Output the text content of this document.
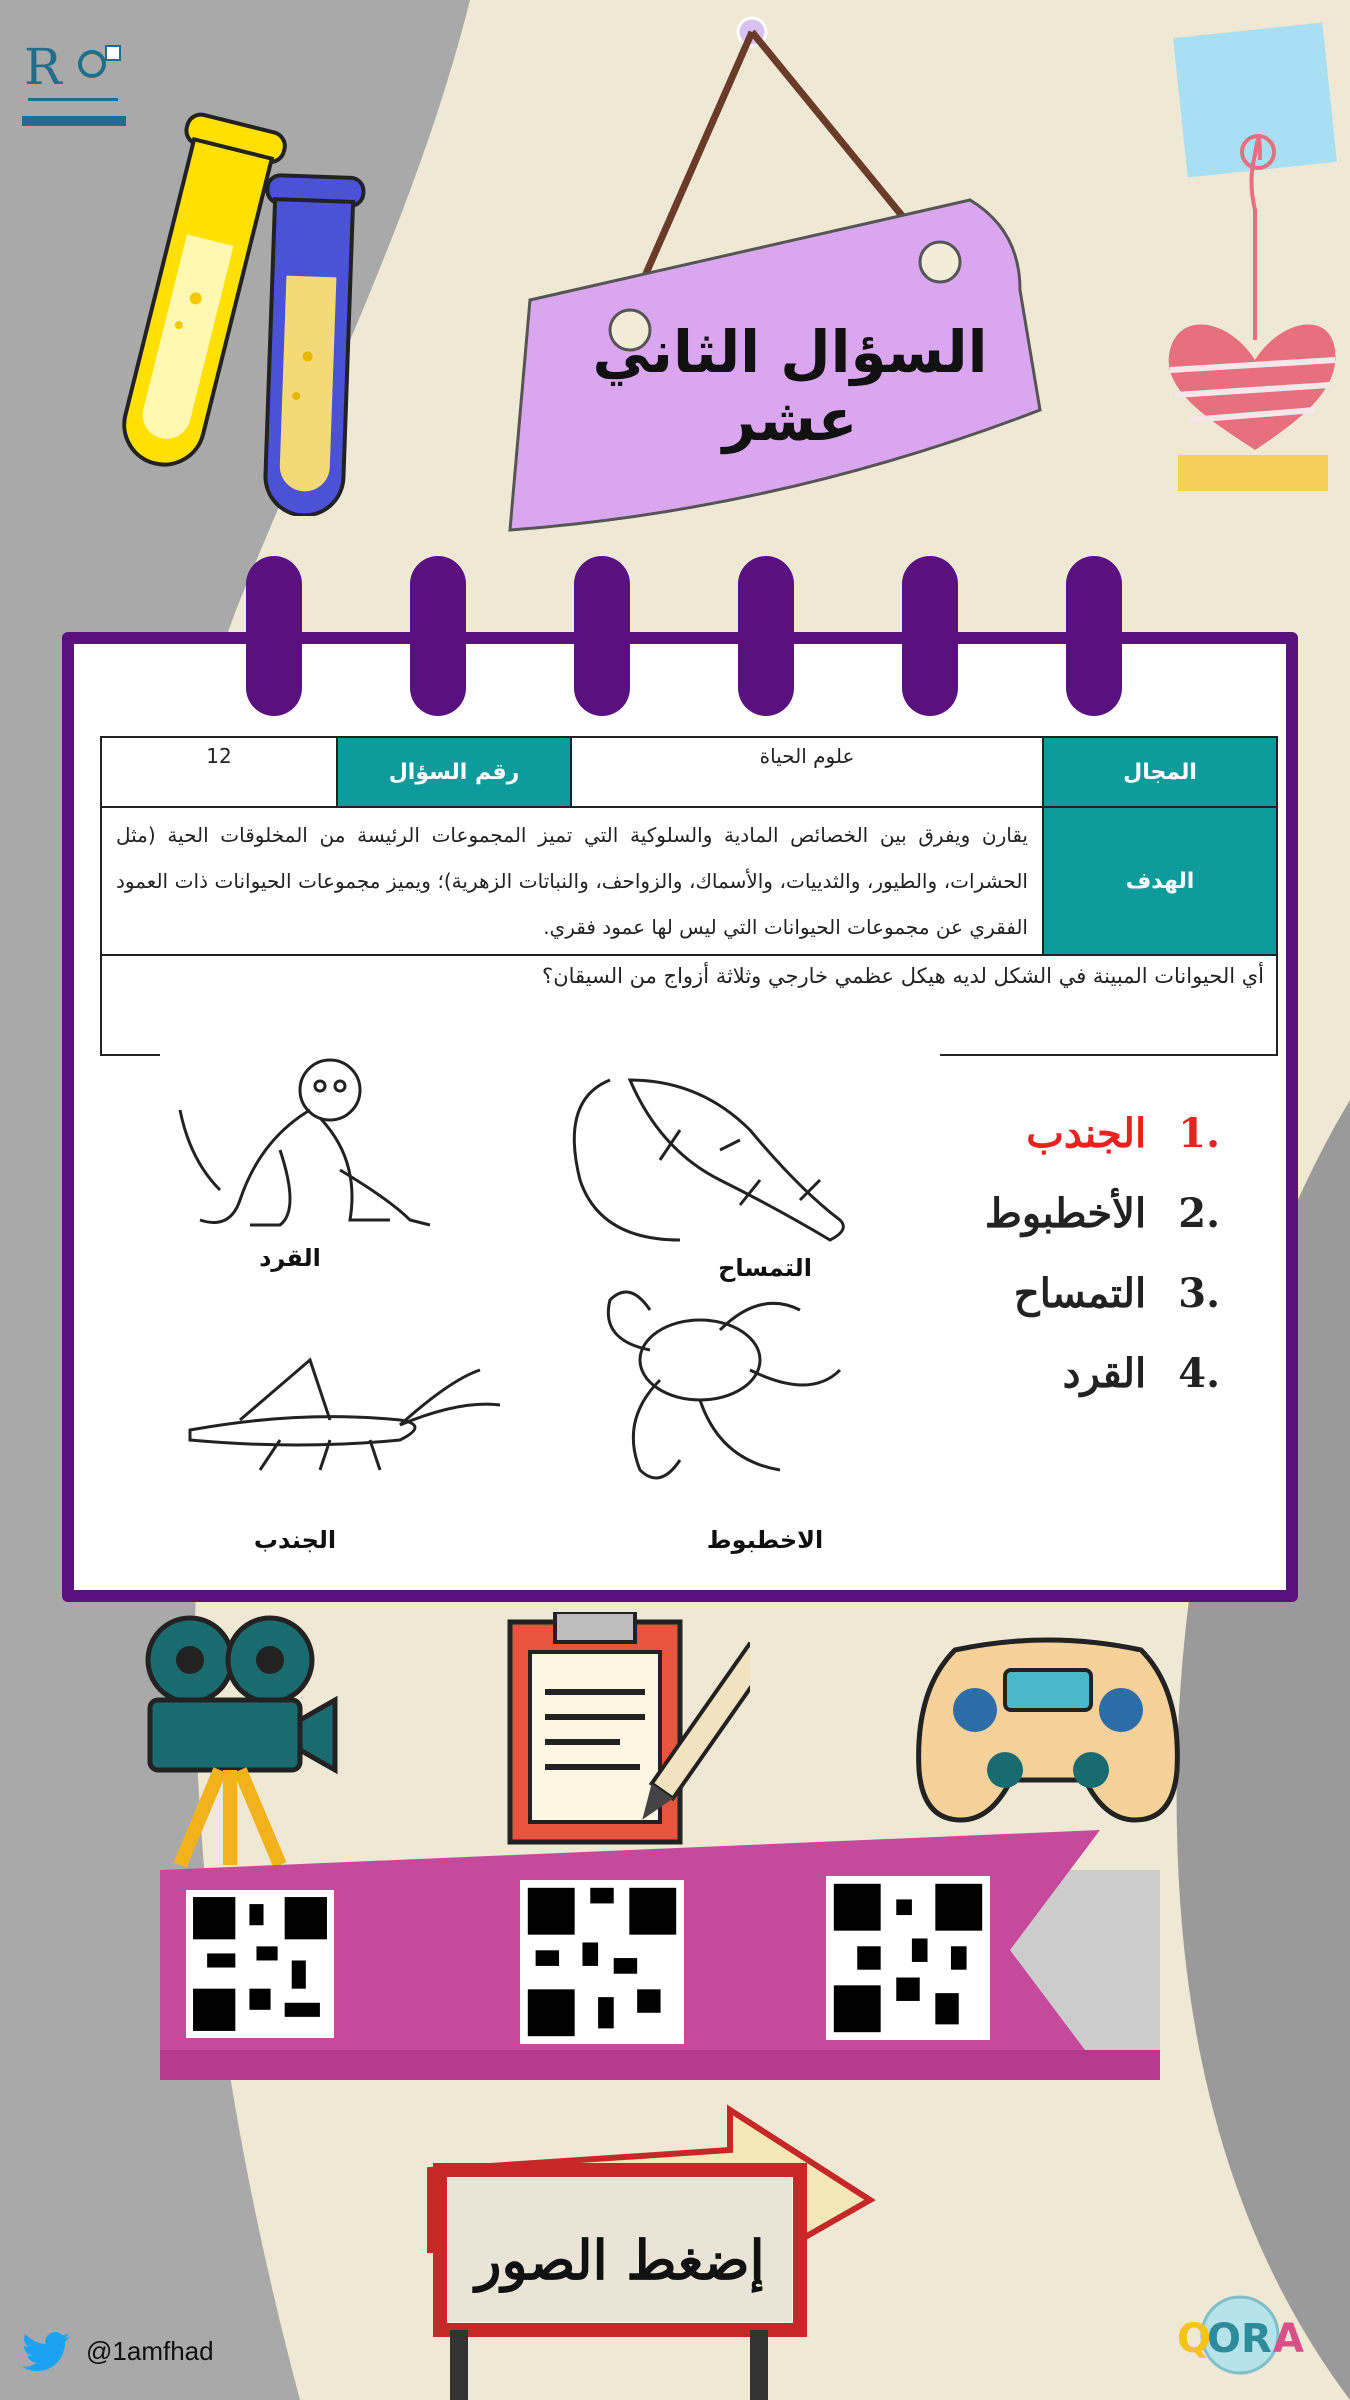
R
السؤال الثاني عشر
المجال	علوم الحياة	رقم السؤال	12
الهدف	يقارن ويفرق بين الخصائص المادية والسلوكية التي تميز المجموعات الرئيسة من المخلوقات الحية (مثل الحشرات، والطيور، والثدييات، والأسماك، والزواحف، والنباتات الزهرية)؛ ويميز مجموعات الحيوانات ذات العمود الفقري عن مجموعات الحيوانات التي ليس لها عمود فقري.		
أي الحيوانات المبينة في الشكل لديه هيكل عظمي خارجي وثلاثة أزواج من السيقان؟			
القرد	التمساح
الجندب	الاخطبوط
.1 الجندب
.2 الأخطبوط
.3 التمساح
.4 القرد
إضغط الصور
@1amfhad	Q
OR A
